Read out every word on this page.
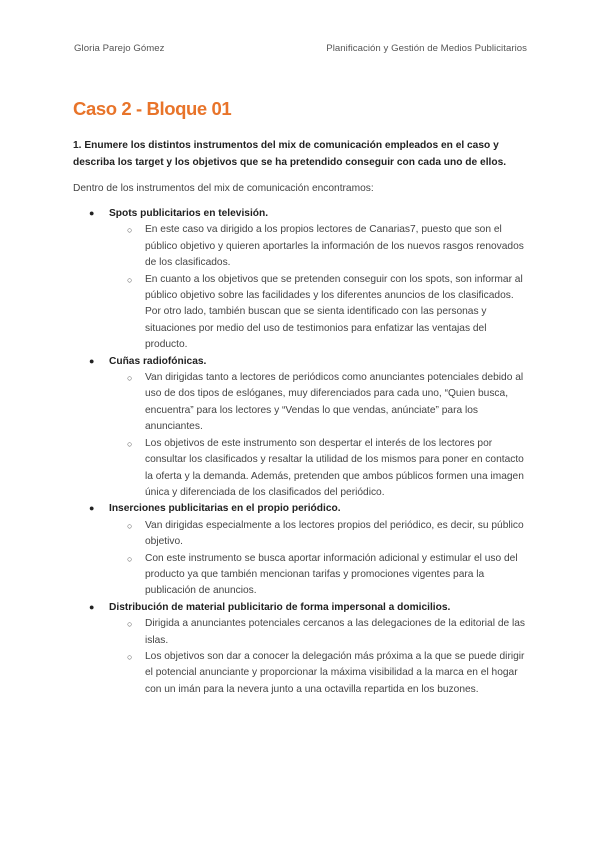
Gloria Parejo Gómez	Planificación y Gestión de Medios Publicitarios
Caso 2 - Bloque 01

1. Enumere los distintos instrumentos del mix de comunicación empleados en el caso y describa los target y los objetivos que se ha pretendido conseguir con cada uno de ellos.

Dentro de los instrumentos del mix de comunicación encontramos:

● Spots publicitarios en televisión.
○ En este caso va dirigido a los propios lectores de Canarias7, puesto que son el público objetivo y quieren aportarles la información de los nuevos rasgos renovados de los clasificados.
○ En cuanto a los objetivos que se pretenden conseguir con los spots, son informar al público objetivo sobre las facilidades y los diferentes anuncios de los clasificados. Por otro lado, también buscan que se sienta identificado con las personas y situaciones por medio del uso de testimonios para enfatizar las ventajas del producto.
● Cuñas radiofónicas.
○ Van dirigidas tanto a lectores de periódicos como anunciantes potenciales debido al uso de dos tipos de eslóganes, muy diferenciados para cada uno, “Quien busca, encuentra” para los lectores y “Vendas lo que vendas, anúnciate” para los anunciantes.
○ Los objetivos de este instrumento son despertar el interés de los lectores por consultar los clasificados y resaltar la utilidad de los mismos para poner en contacto la oferta y la demanda. Además, pretenden que ambos públicos formen una imagen única y diferenciada de los clasificados del periódico.
● Inserciones publicitarias en el propio periódico.
○ Van dirigidas especialmente a los lectores propios del periódico, es decir, su público objetivo.
○ Con este instrumento se busca aportar información adicional y estimular el uso del producto ya que también mencionan tarifas y promociones vigentes para la publicación de anuncios.
● Distribución de material publicitario de forma impersonal a domicilios.
○ Dirigida a anunciantes potenciales cercanos a las delegaciones de la editorial de las islas.
○ Los objetivos son dar a conocer la delegación más próxima a la que se puede dirigir el potencial anunciante y proporcionar la máxima visibilidad a la marca en el hogar con un imán para la nevera junto a una octavilla repartida en los buzones.
